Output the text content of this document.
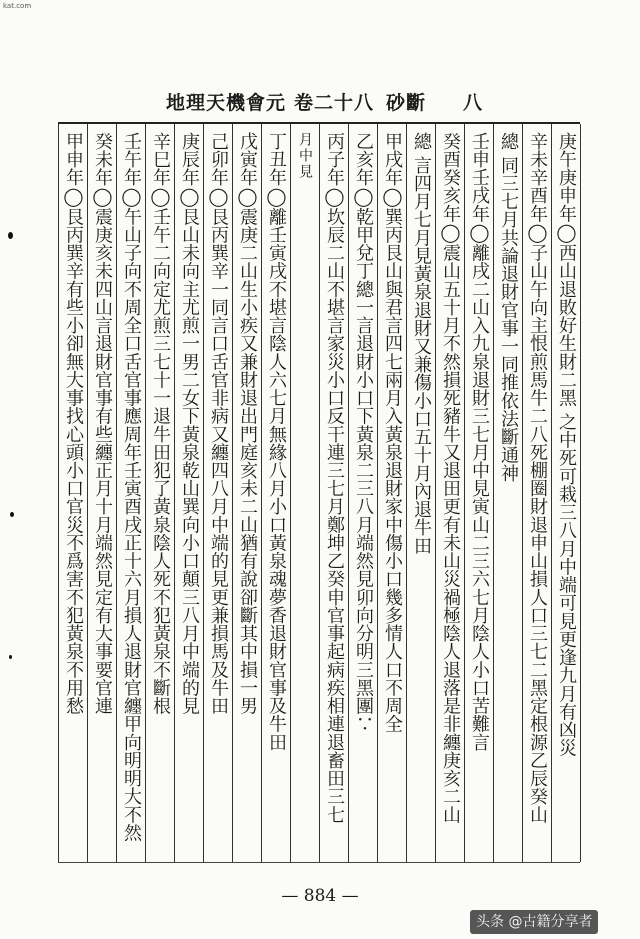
kat.com
地理天機會元 卷二十八 砂斷 八
庚午庚申年◯西山退敗好生財二黑 之中死可栽三八月中端可見更逢九月有凶災
辛未辛酉年◯子山午向主恨煎馬牛二八死棚圈財退申山損人口三七二黑定根源乙辰癸山
總 同三七月共論退財官事一同推依法斷通神
壬申壬戌年◯離戌二山入九泉退財三七月中見寅山二三六七月陰人小口苦難言
癸酉癸亥年◯震山五十月不然損死豬牛又退田更有未山災禍極陰人退落是非纏庚亥二山
總 言四月七月見黃泉退財又兼傷小口五十月內退牛田
甲戌年◯巽丙艮山與君言四七兩月入黃泉退財家中傷小口幾多情人口不周全
乙亥年◯乾甲兌丁總一言退財小口下黃泉二三八月端然見卯向分明三黑團∵
丙子年◯坎辰二山不堪言家災小口反干連三七月鄭坤乙癸申官事起病疾相連退畜田三七
月中見
丁丑年◯離壬寅戌不堪言陰人六七月無緣八月小口黃泉魂夢香退財官事及牛田
戊寅年◯震庚二山生小疾又兼財退出門庭亥未二山猶有說卻斷其中損一男
己卯年◯艮丙巽辛一同言口舌官非病又纏四八月中端的見更兼損馬及牛田
庚辰年◯艮山未向主尤煎一男二女下黃泉乾山巽向小口顛三八月中端的見
辛巳年◯壬午二向定尤煎三七十一退牛田犯了黃泉陰人死不犯黃泉不斷根
壬午年◯午山子向不周全口舌官事應周年壬寅酉戌正十六月損人退財官纏甲向明明大不然
癸未年◯震庚亥未四山言退財官事有些纏正月十月端然見定有大事要官連
甲申年◯艮丙巽辛有些小卻無大事找心頭小口官災不爲害不犯黃泉不用愁
— 884 —
头条 @古籍分享者
